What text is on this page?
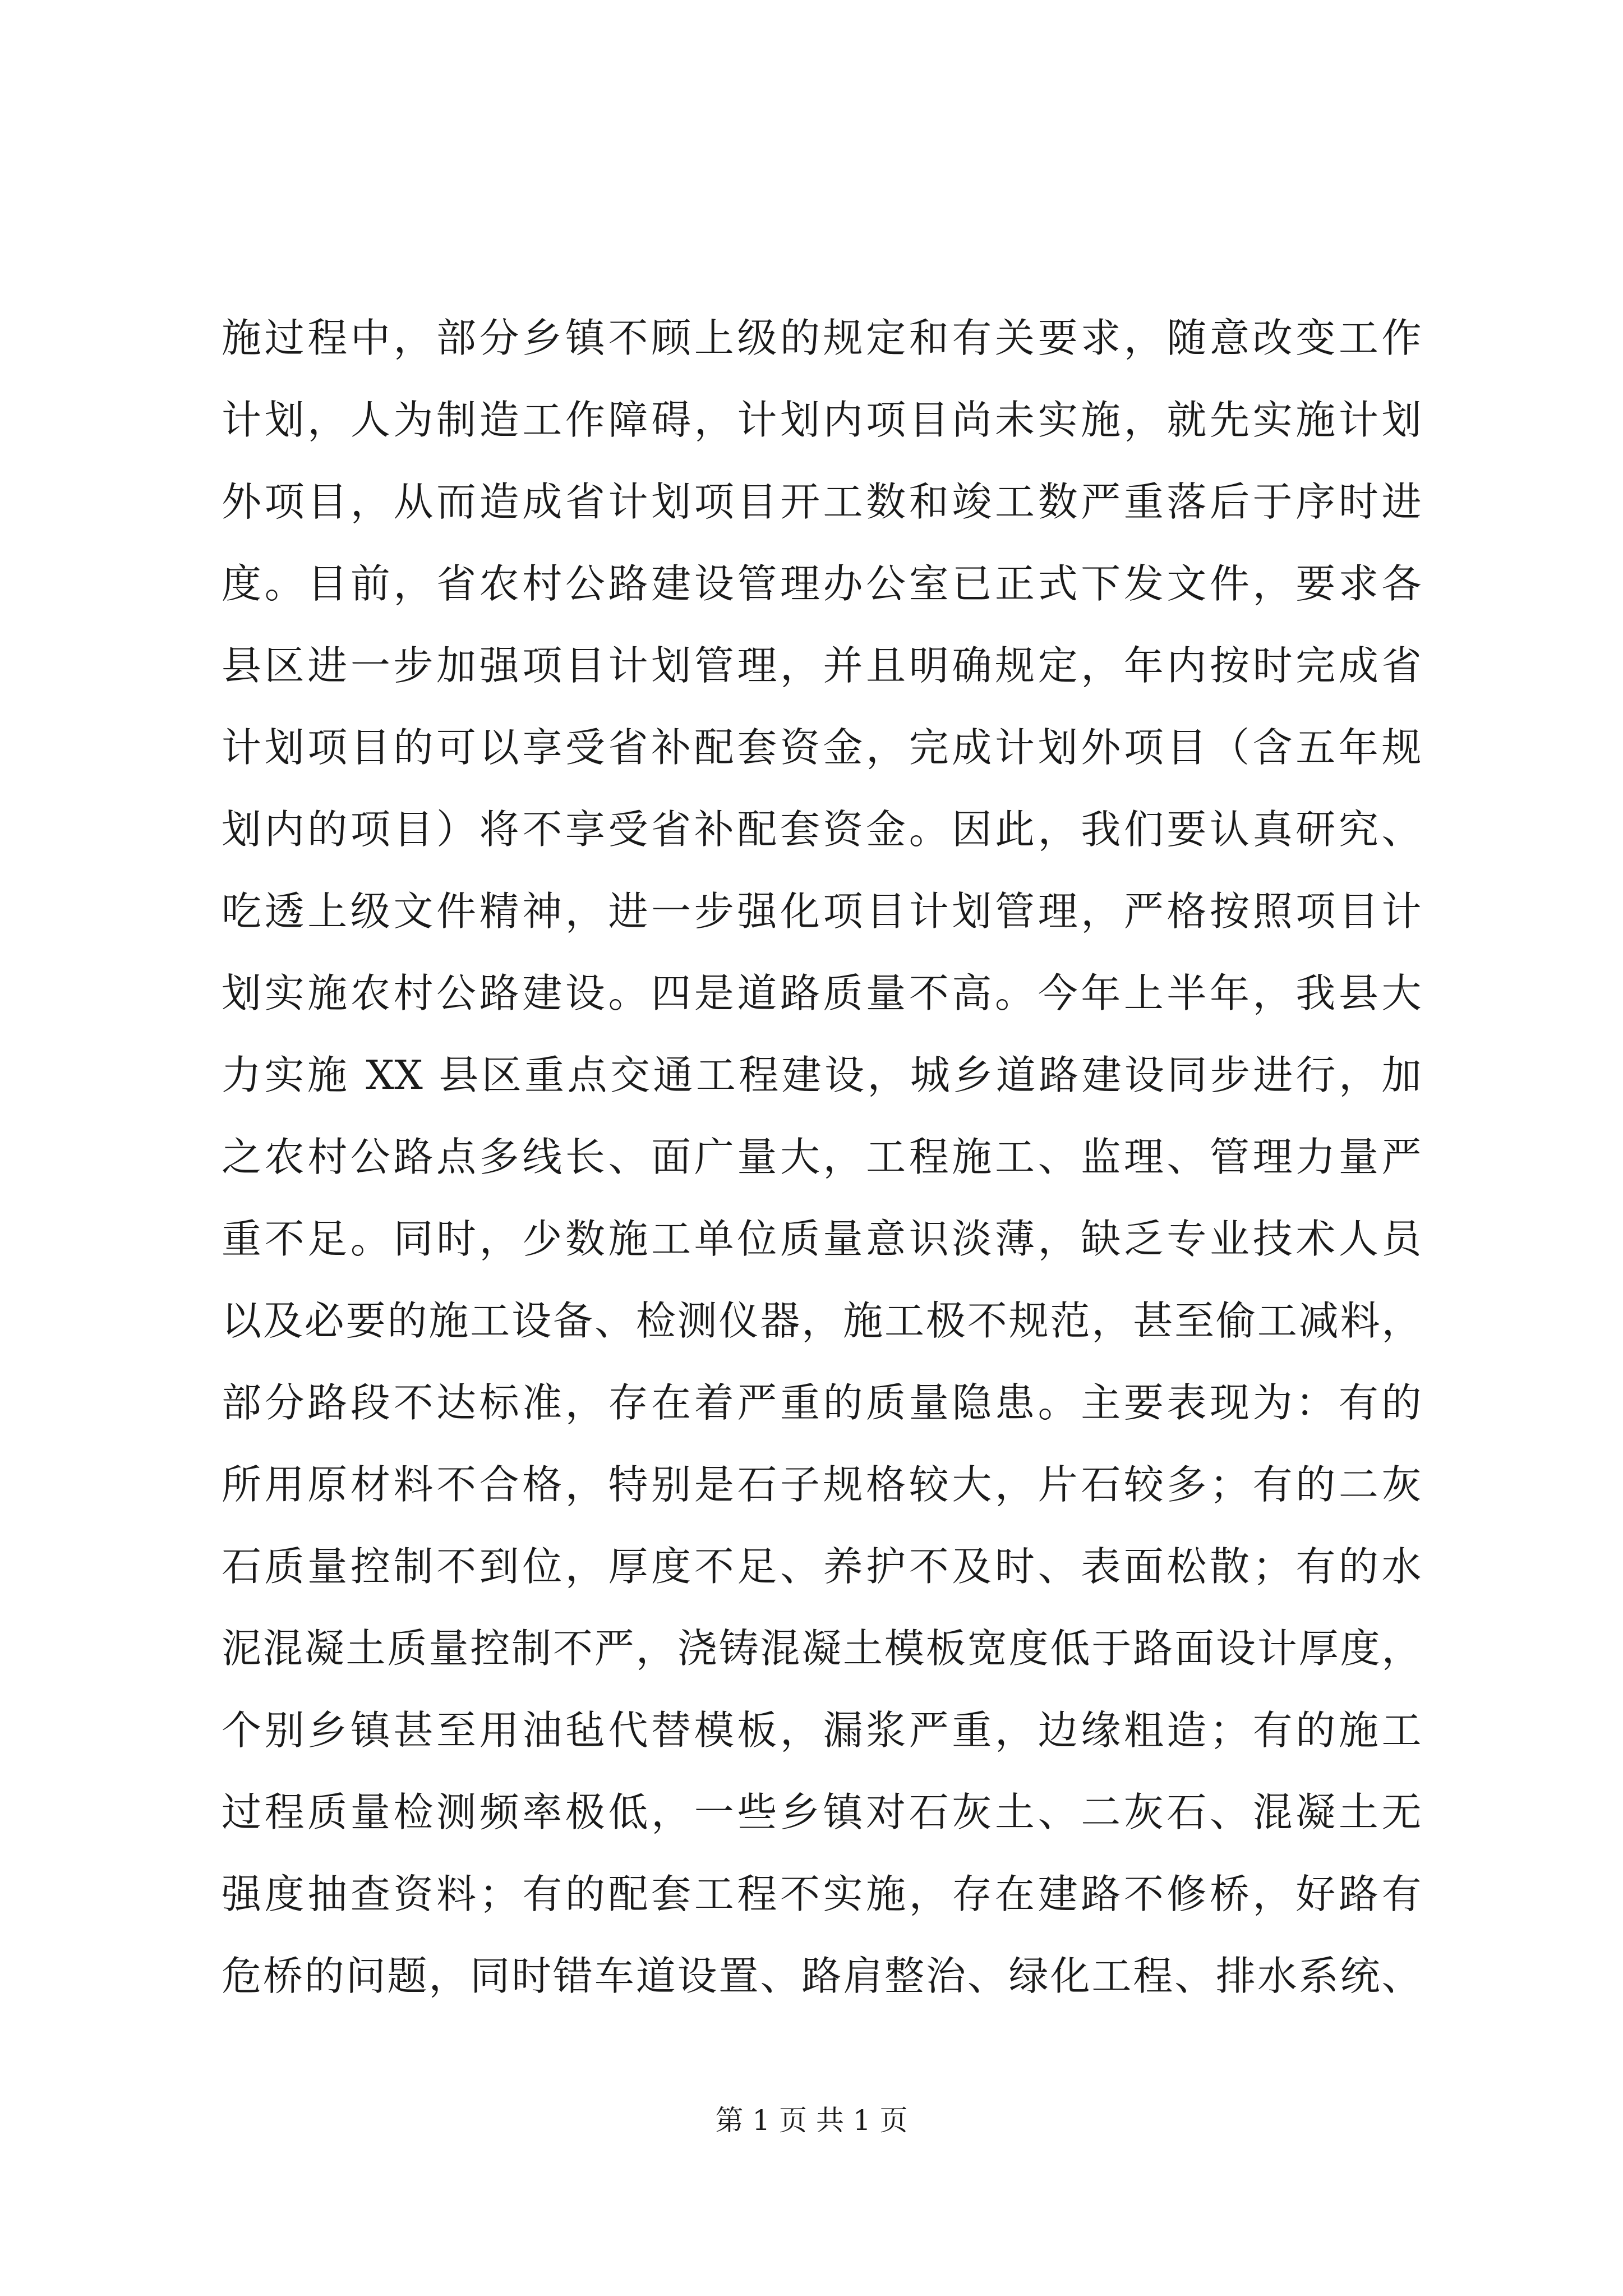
施过程中，部分乡镇不顾上级的规定和有关要求，随意改变工作
计划，人为制造工作障碍，计划内项目尚未实施，就先实施计划
外项目，从而造成省计划项目开工数和竣工数严重落后于序时进
度。目前，省农村公路建设管理办公室已正式下发文件，要求各
县区进一步加强项目计划管理，并且明确规定，年内按时完成省
计划项目的可以享受省补配套资金，完成计划外项目（含五年规
划内的项目）将不享受省补配套资金。因此，我们要认真研究、
吃透上级文件精神，进一步强化项目计划管理，严格按照项目计
划实施农村公路建设。四是道路质量不高。今年上半年，我县大
力实施 XX 县区重点交通工程建设，城乡道路建设同步进行，加
之农村公路点多线长、面广量大，工程施工、监理、管理力量严
重不足。同时，少数施工单位质量意识淡薄，缺乏专业技术人员
以及必要的施工设备、检测仪器，施工极不规范，甚至偷工减料，
部分路段不达标准，存在着严重的质量隐患。主要表现为：有的
所用原材料不合格，特别是石子规格较大，片石较多；有的二灰
石质量控制不到位，厚度不足、养护不及时、表面松散；有的水
泥混凝土质量控制不严，浇铸混凝土模板宽度低于路面设计厚度，
个别乡镇甚至用油毡代替模板，漏浆严重，边缘粗造；有的施工
过程质量检测频率极低，一些乡镇对石灰土、二灰石、混凝土无
强度抽查资料；有的配套工程不实施，存在建路不修桥，好路有
危桥的问题，同时错车道设置、路肩整治、绿化工程、排水系统、
第 1 页 共 1 页
